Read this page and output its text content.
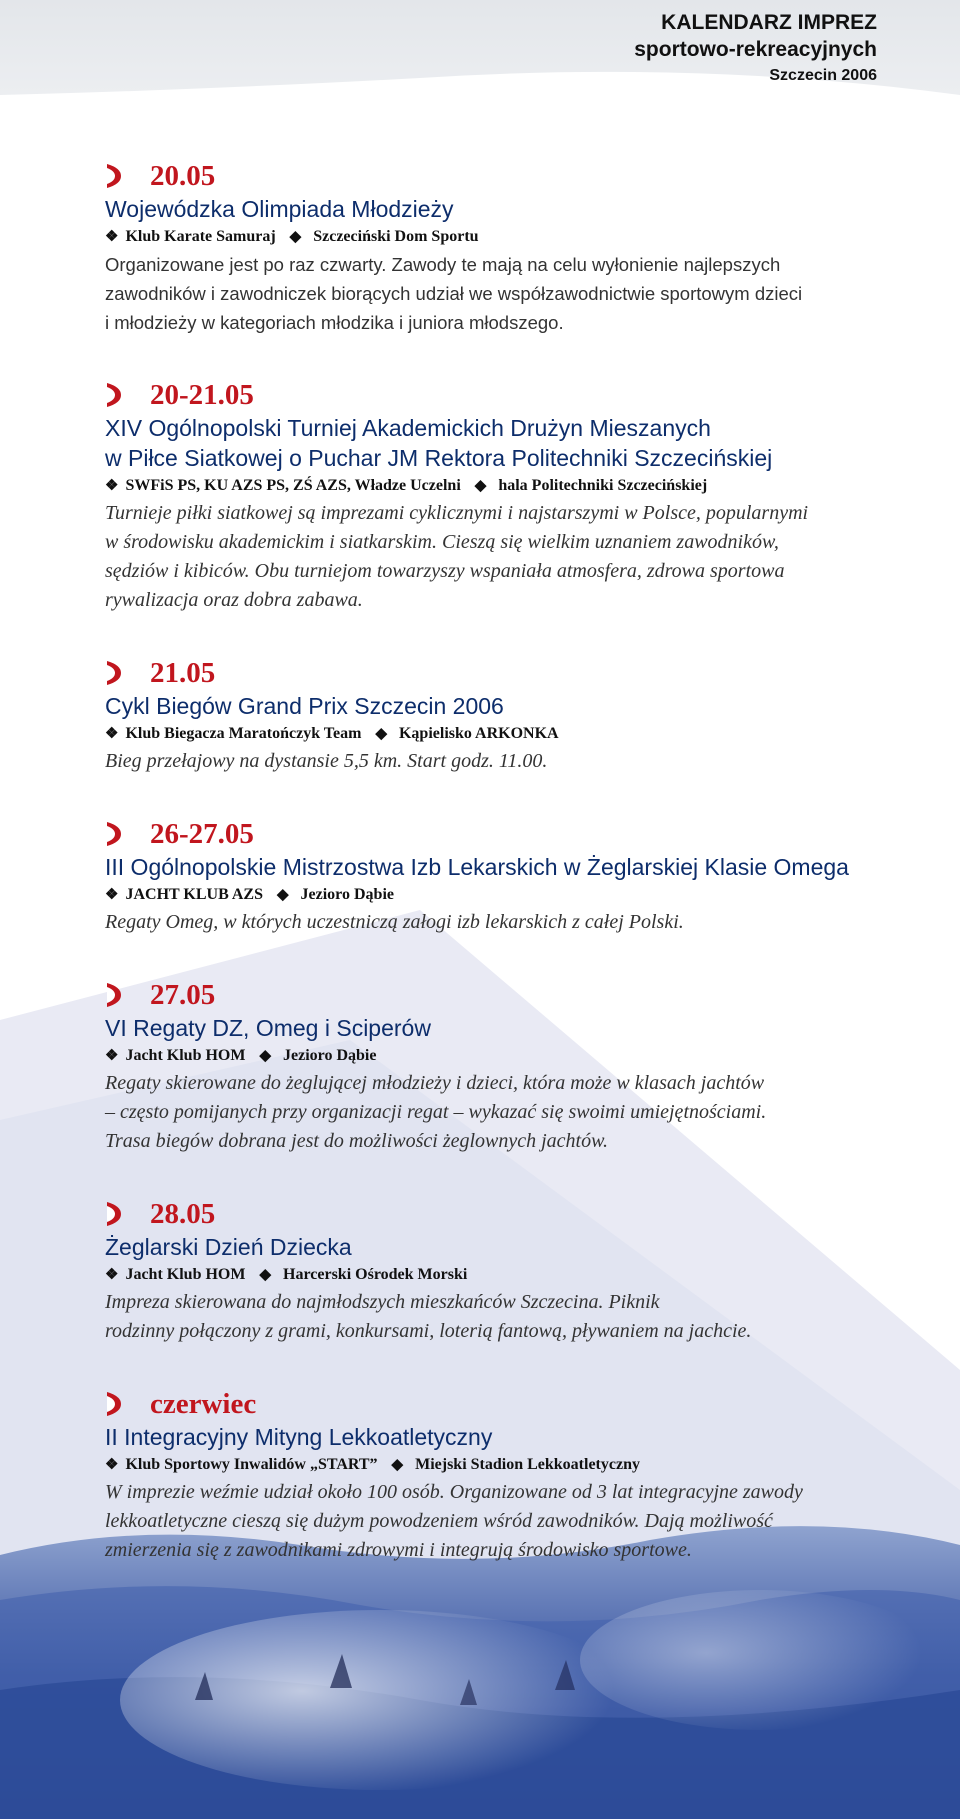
KALENDARZ IMPREZ
sportowo-rekreacyjnych
Szczecin 2006
20.05
Wojewódzka Olimpiada Młodzieży
❖ Klub Karate Samuraj ◆ Szczeciński Dom Sportu
Organizowane jest po raz czwarty. Zawody te mają na celu wyłonienie najlepszych
zawodników i zawodniczek biorących udział we współzawodnictwie sportowym dzieci
i młodzieży w kategoriach młodzika i juniora młodszego.
20-21.05
XIV Ogólnopolski Turniej Akademickich Drużyn Mieszanych
w Piłce Siatkowej o Puchar JM Rektora Politechniki Szczecińskiej
❖ SWFiS PS, KU AZS PS, ZŚ AZS, Władze Uczelni ◆ hala Politechniki Szczecińskiej
Turnieje piłki siatkowej są imprezami cyklicznymi i najstarszymi w Polsce, popularnymi
w środowisku akademickim i siatkarskim. Cieszą się wielkim uznaniem zawodników,
sędziów i kibiców. Obu turniejom towarzyszy wspaniała atmosfera, zdrowa sportowa
rywalizacja oraz dobra zabawa.
21.05
Cykl Biegów Grand Prix Szczecin 2006
❖ Klub Biegacza Maratończyk Team ◆ Kąpielisko ARKONKA
Bieg przełajowy na dystansie 5,5 km. Start godz. 11.00.
26-27.05
III Ogólnopolskie Mistrzostwa Izb Lekarskich w Żeglarskiej Klasie Omega
❖ JACHT KLUB AZS ◆ Jezioro Dąbie
Regaty Omeg, w których uczestniczą załogi izb lekarskich z całej Polski.
27.05
VI Regaty DZ, Omeg i Sciperów
❖ Jacht Klub HOM ◆ Jezioro Dąbie
Regaty skierowane do żeglującej młodzieży i dzieci, która może w klasach jachtów
– często pomijanych przy organizacji regat – wykazać się swoimi umiejętnościami.
Trasa biegów dobrana jest do możliwości żeglownych jachtów.
28.05
Żeglarski Dzień Dziecka
❖ Jacht Klub HOM ◆ Harcerski Ośrodek Morski
Impreza skierowana do najmłodszych mieszkańców Szczecina. Piknik
rodzinny połączony z grami, konkursami, loterią fantową, pływaniem na jachcie.
czerwiec
II Integracyjny Mityng Lekkoatletyczny
❖ Klub Sportowy Inwalidów „START” ◆ Miejski Stadion Lekkoatletyczny
W imprezie weźmie udział około 100 osób. Organizowane od 3 lat integracyjne zawody
lekkoatletyczne cieszą się dużym powodzeniem wśród zawodników. Dają możliwość
zmierzenia się z zawodnikami zdrowymi i integrują środowisko sportowe.
